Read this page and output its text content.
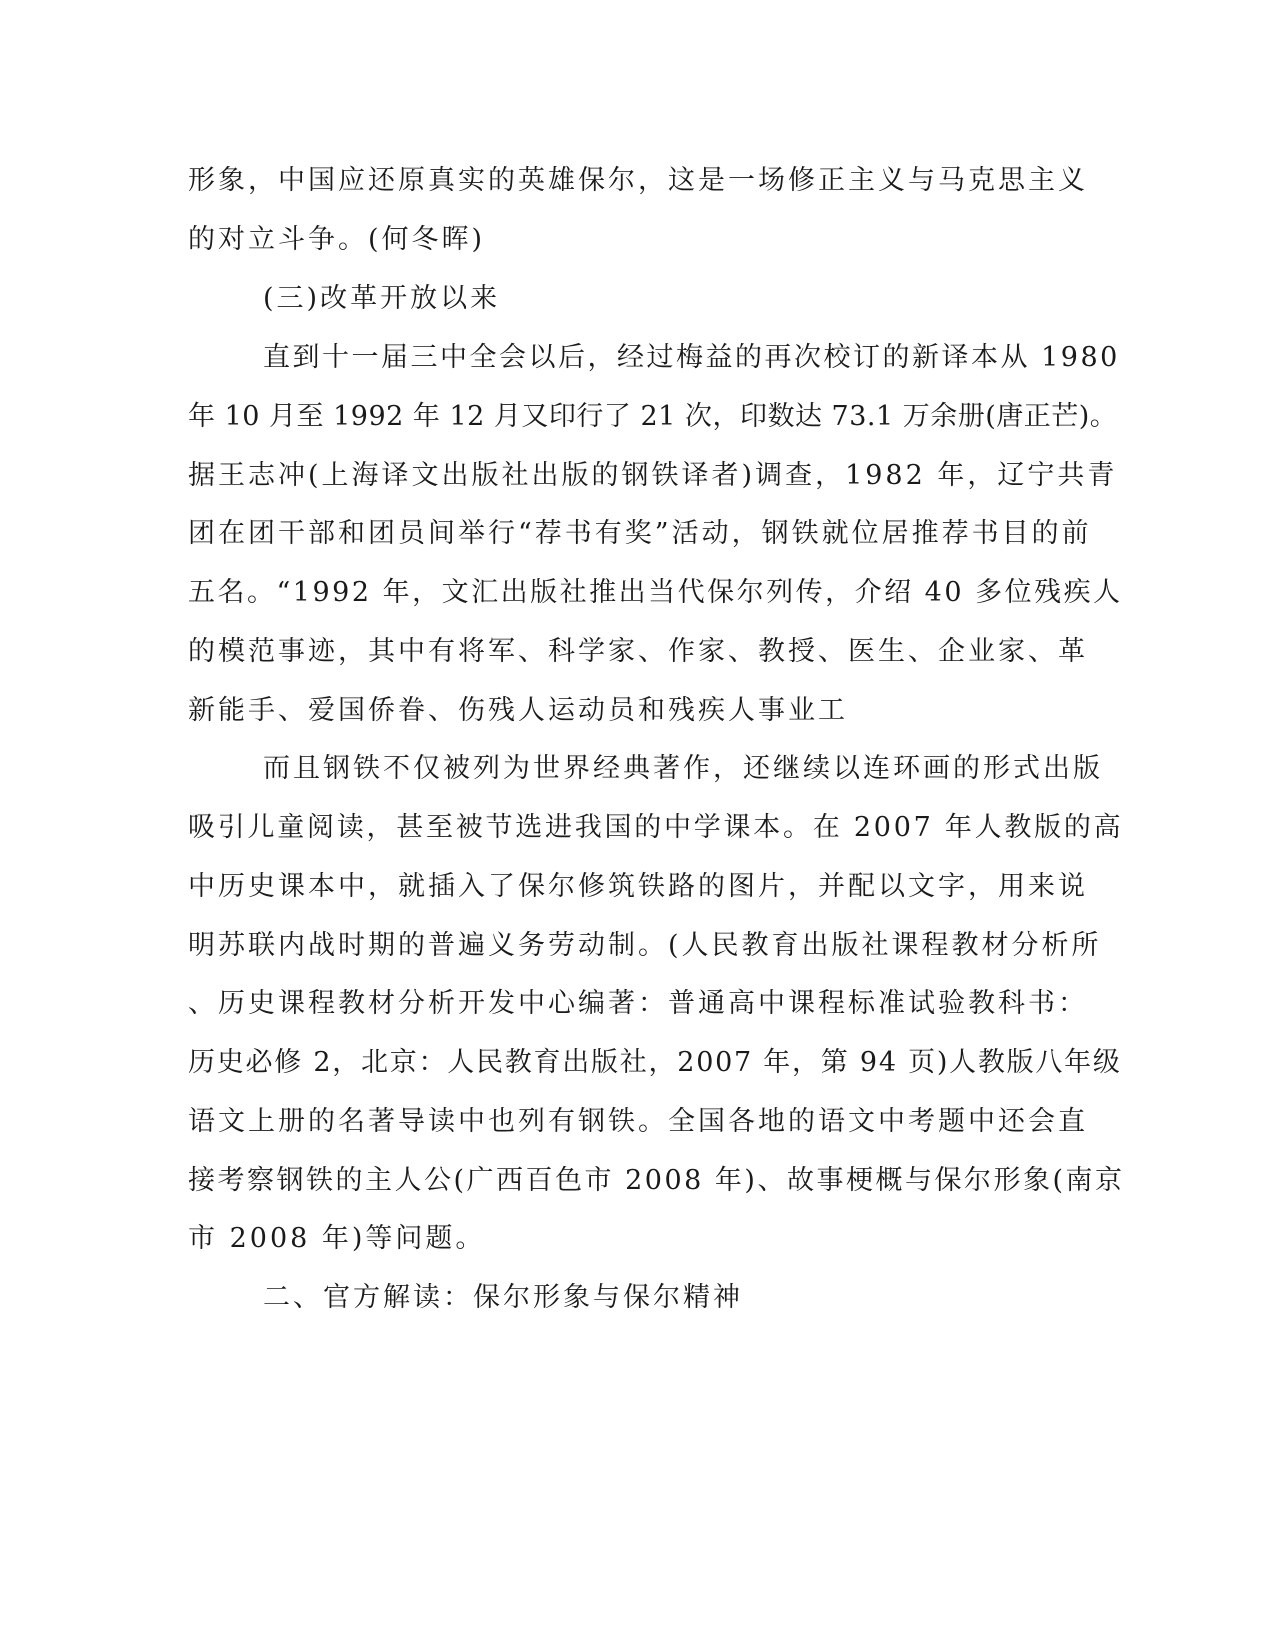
形象，中国应还原真实的英雄保尔，这是一场修正主义与马克思主义
的对立斗争。(何冬晖)
(三)改革开放以来
直到十一届三中全会以后，经过梅益的再次校订的新译本从 1980
年 10 月至 1992 年 12 月又印行了 21 次，印数达 73.1 万余册(唐正芒)。
据王志冲(上海译文出版社出版的钢铁译者)调查，1982 年，辽宁共青
团在团干部和团员间举行“荐书有奖”活动，钢铁就位居推荐书目的前
五名。“1992 年，文汇出版社推出当代保尔列传，介绍 40 多位残疾人
的模范事迹，其中有将军、科学家、作家、教授、医生、企业家、革
新能手、爱国侨眷、伤残人运动员和残疾人事业工
而且钢铁不仅被列为世界经典著作，还继续以连环画的形式出版
吸引儿童阅读，甚至被节选进我国的中学课本。在 2007 年人教版的高
中历史课本中，就插入了保尔修筑铁路的图片，并配以文字，用来说
明苏联内战时期的普遍义务劳动制。(人民教育出版社课程教材分析所
、历史课程教材分析开发中心编著：普通高中课程标准试验教科书：
历史必修 2，北京：人民教育出版社，2007 年，第 94 页)人教版八年级
语文上册的名著导读中也列有钢铁。全国各地的语文中考题中还会直
接考察钢铁的主人公(广西百色市 2008 年)、故事梗概与保尔形象(南京
市 2008 年)等问题。
二、官方解读：保尔形象与保尔精神
